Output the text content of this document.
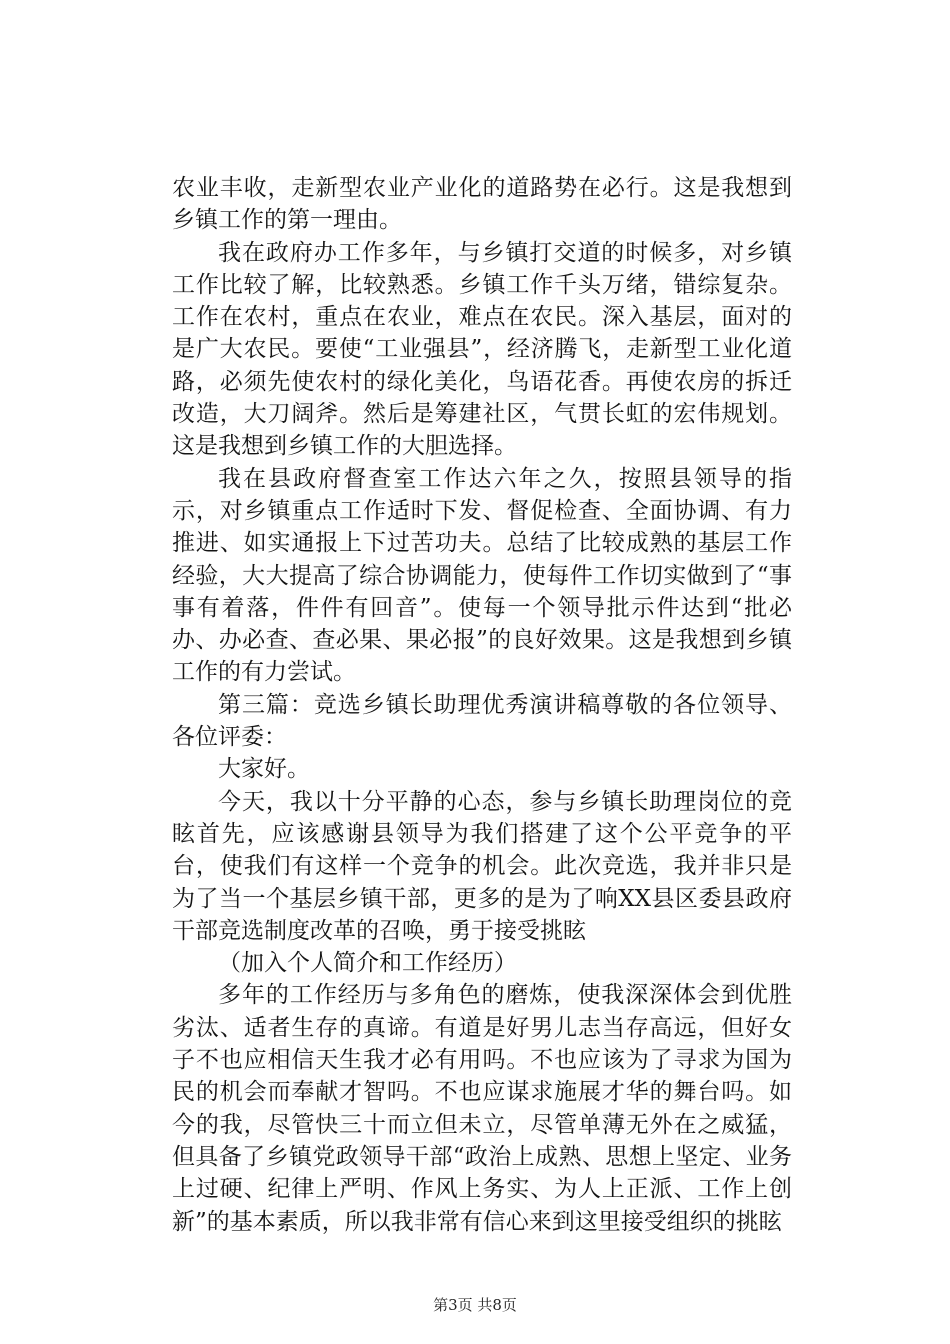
农业丰收，走新型农业产业化的道路势在必行。这是我想到乡镇工作的第一理由。

我在政府办工作多年，与乡镇打交道的时候多，对乡镇工作比较了解，比较熟悉。乡镇工作千头万绪，错综复杂。工作在农村，重点在农业，难点在农民。深入基层，面对的是广大农民。要使“工业强县”，经济腾飞，走新型工业化道路，必须先使农村的绿化美化，鸟语花香。再使农房的拆迁改造，大刀阔斧。然后是筹建社区，气贯长虹的宏伟规划。这是我想到乡镇工作的大胆选择。

我在县政府督查室工作达六年之久，按照县领导的指示，对乡镇重点工作适时下发、督促检查、全面协调、有力推进、如实通报上下过苦功夫。总结了比较成熟的基层工作经验，大大提高了综合协调能力，使每件工作切实做到了“事事有着落，件件有回音”。使每一个领导批示件达到“批必办、办必查、查必果、果必报”的良好效果。这是我想到乡镇工作的有力尝试。

第三篇：竞选乡镇长助理优秀演讲稿尊敬的各位领导、各位评委：

大家好。

今天，我以十分平静的心态，参与乡镇长助理岗位的竞眩首先，应该感谢县领导为我们搭建了这个公平竞争的平台，使我们有这样一个竞争的机会。此次竞选，我并非只是为了当一个基层乡镇干部，更多的是为了响XX县区委县政府干部竞选制度改革的召唤，勇于接受挑眩

（加入个人简介和工作经历）

多年的工作经历与多角色的磨炼，使我深深体会到优胜劣汰、适者生存的真谛。有道是好男儿志当存高远，但好女子不也应相信天生我才必有用吗。不也应该为了寻求为国为民的机会而奉献才智吗。不也应谋求施展才华的舞台吗。如今的我，尽管快三十而立但未立，尽管单薄无外在之威猛，但具备了乡镇党政领导干部“政治上成熟、思想上坚定、业务上过硬、纪律上严明、作风上务实、为人上正派、工作上创新”的基本素质，所以我非常有信心来到这里接受组织的挑眩

第3页 共8页
